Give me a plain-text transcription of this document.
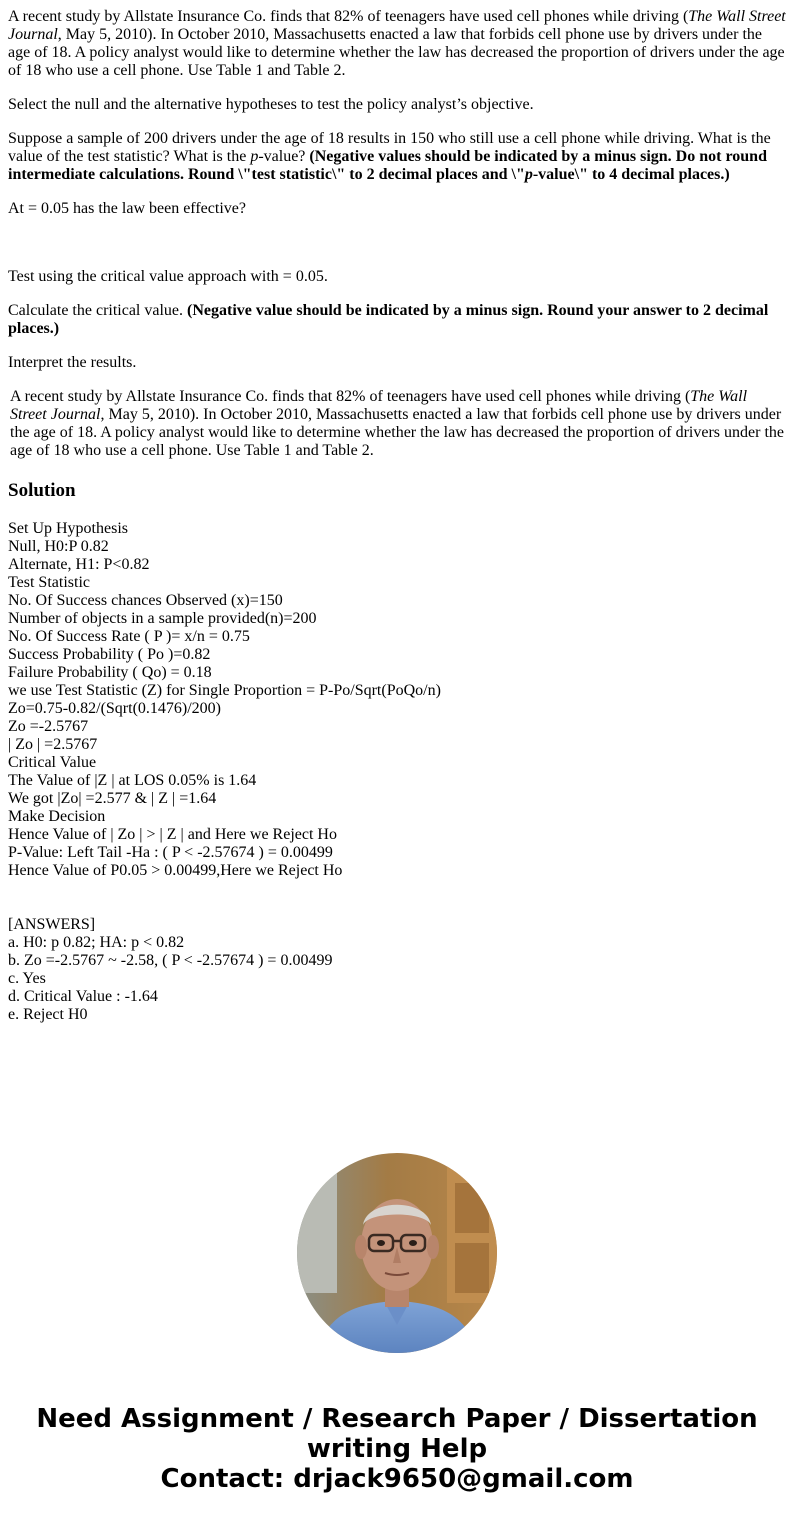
A recent study by Allstate Insurance Co. finds that 82% of teenagers have used cell phones while driving (The Wall Street Journal, May 5, 2010). In October 2010, Massachusetts enacted a law that forbids cell phone use by drivers under the age of 18. A policy analyst would like to determine whether the law has decreased the proportion of drivers under the age of 18 who use a cell phone. Use Table 1 and Table 2.

Select the null and the alternative hypotheses to test the policy analyst’s objective.

Suppose a sample of 200 drivers under the age of 18 results in 150 who still use a cell phone while driving. What is the value of the test statistic? What is the p-value? (Negative values should be indicated by a minus sign. Do not round intermediate calculations. Round \"test statistic\" to 2 decimal places and \"p-value\" to 4 decimal places.)

At = 0.05 has the law been effective?

Test using the critical value approach with = 0.05.

Calculate the critical value. (Negative value should be indicated by a minus sign. Round your answer to 2 decimal places.)

Interpret the results.

A recent study by Allstate Insurance Co. finds that 82% of teenagers have used cell phones while driving (The Wall Street Journal, May 5, 2010). In October 2010, Massachusetts enacted a law that forbids cell phone use by drivers under the age of 18. A policy analyst would like to determine whether the law has decreased the proportion of drivers under the age of 18 who use a cell phone. Use Table 1 and Table 2.

Solution
Set Up Hypothesis
Null, H0:P 0.82
Alternate, H1: P<0.82
Test Statistic
No. Of Success chances Observed (x)=150
Number of objects in a sample provided(n)=200
No. Of Success Rate ( P )= x/n = 0.75
Success Probability ( Po )=0.82
Failure Probability ( Qo) = 0.18
we use Test Statistic (Z) for Single Proportion = P-Po/Sqrt(PoQo/n)
Zo=0.75-0.82/(Sqrt(0.1476)/200)
Zo =-2.5767
| Zo | =2.5767
Critical Value
The Value of |Z | at LOS 0.05% is 1.64
We got |Zo| =2.577 & | Z | =1.64
Make Decision
Hence Value of | Zo | > | Z | and Here we Reject Ho
P-Value: Left Tail -Ha : ( P < -2.57674 ) = 0.00499
Hence Value of P0.05 > 0.00499,Here we Reject Ho
[ANSWERS]
a. H0: p 0.82; HA: p < 0.82
b. Zo =-2.5767 ~ -2.58, ( P < -2.57674 ) = 0.00499
c. Yes
d. Critical Value : -1.64
e. Reject H0
Need Assignment / Research Paper / Dissertation writing Help
Contact: drjack9650@gmail.com
